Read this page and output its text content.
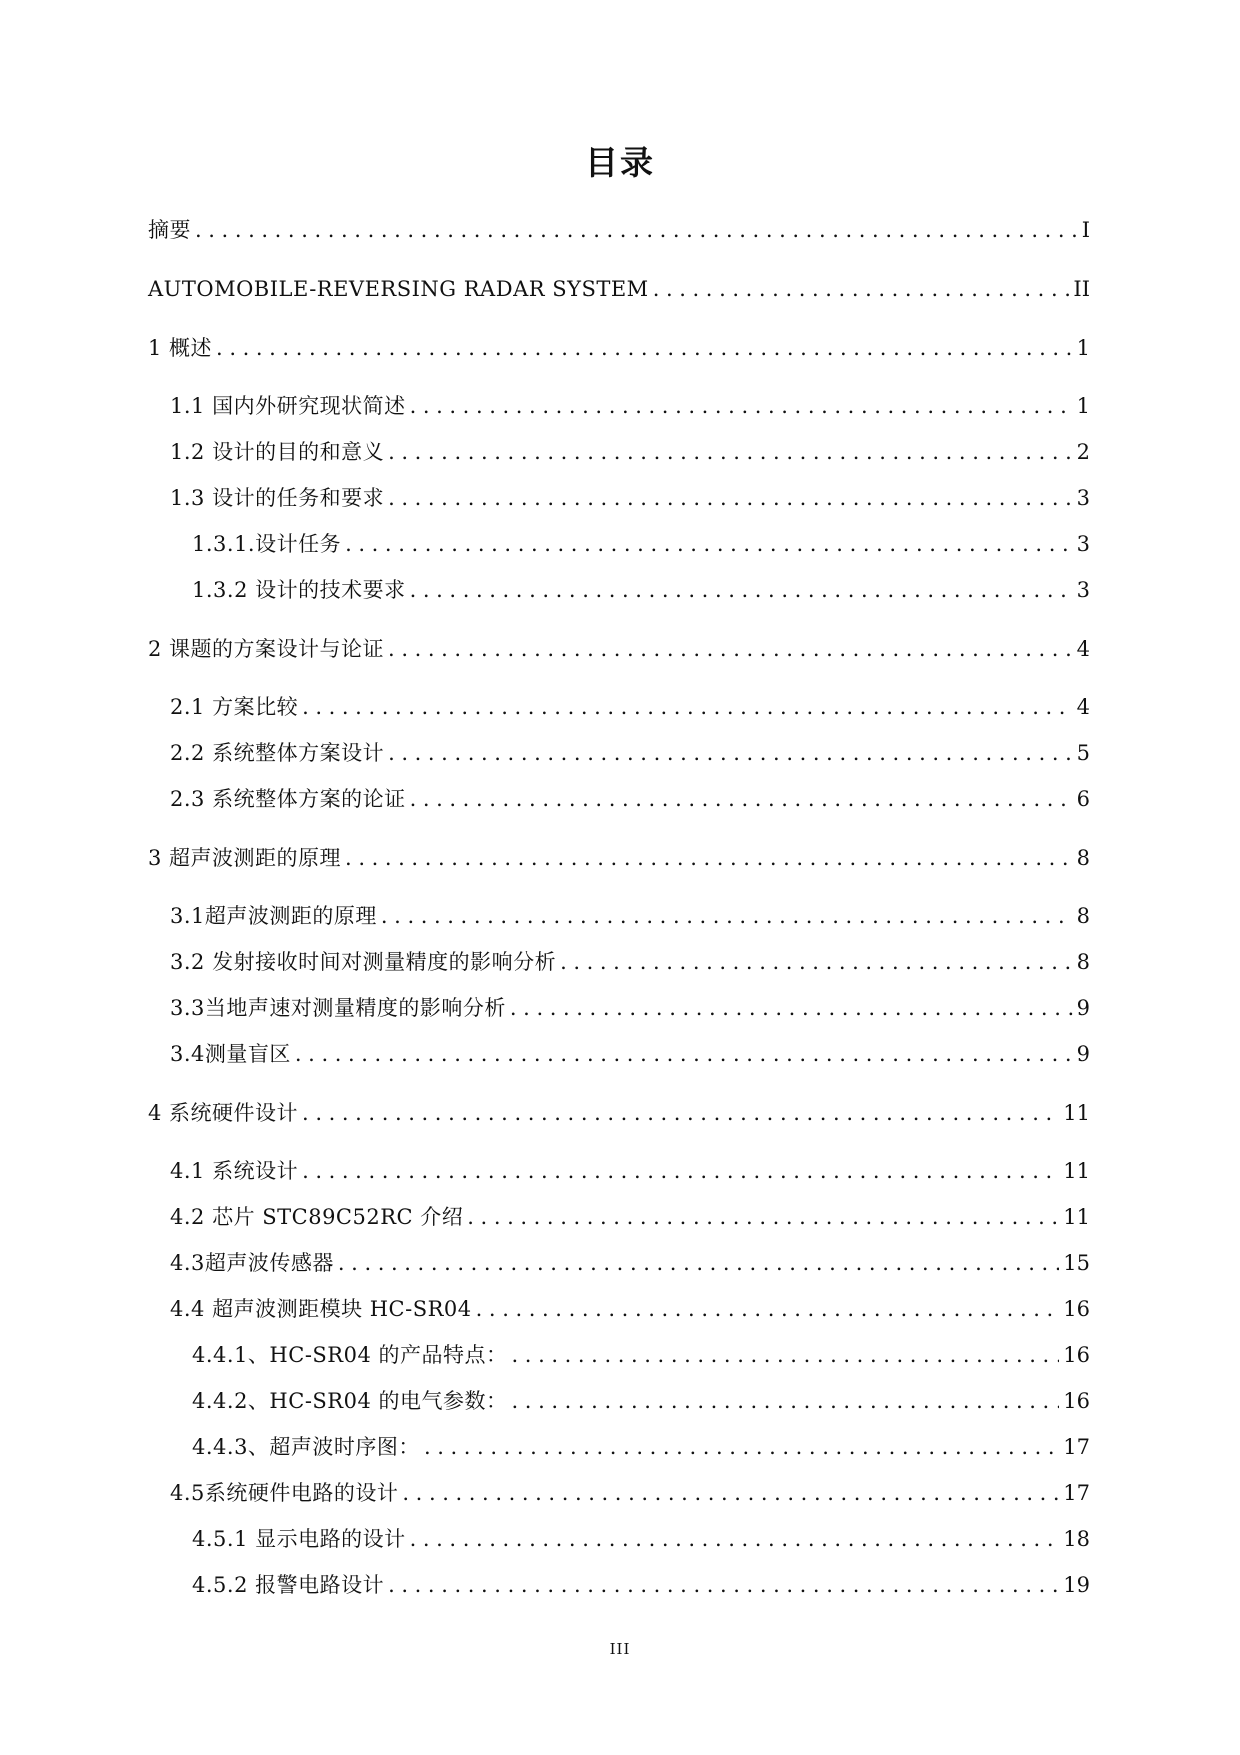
目录
摘要 .....	I
AUTOMOBILE-REVERSING RADAR SYSTEM .....	II
1 概述 .....	1
1.1 国内外研究现状简述 .....	1
1.2 设计的目的和意义 .....	2
1.3 设计的任务和要求 .....	3
1.3.1.设计任务 .....	3
1.3.2 设计的技术要求 .....	3
2 课题的方案设计与论证 .....	4
2.1 方案比较 .....	4
2.2 系统整体方案设计 .....	5
2.3 系统整体方案的论证 .....	6
3 超声波测距的原理 .....	8
3.1超声波测距的原理 .....	8
3.2 发射接收时间对测量精度的影响分析 .....	8
3.3当地声速对测量精度的影响分析 .....	9
3.4测量盲区 .....	9
4 系统硬件设计 .....	11
4.1 系统设计 .....	11
4.2 芯片 STC89C52RC 介绍 .....	11
4.3超声波传感器 .....	15
4.4 超声波测距模块 HC-SR04 .....	16
4.4.1、HC-SR04 的产品特点： .....	16
4.4.2、HC-SR04 的电气参数： .....	16
4.4.3、超声波时序图： .....	17
4.5系统硬件电路的设计 .....	17
4.5.1 显示电路的设计 .....	18
4.5.2 报警电路设计 .....	19
III
